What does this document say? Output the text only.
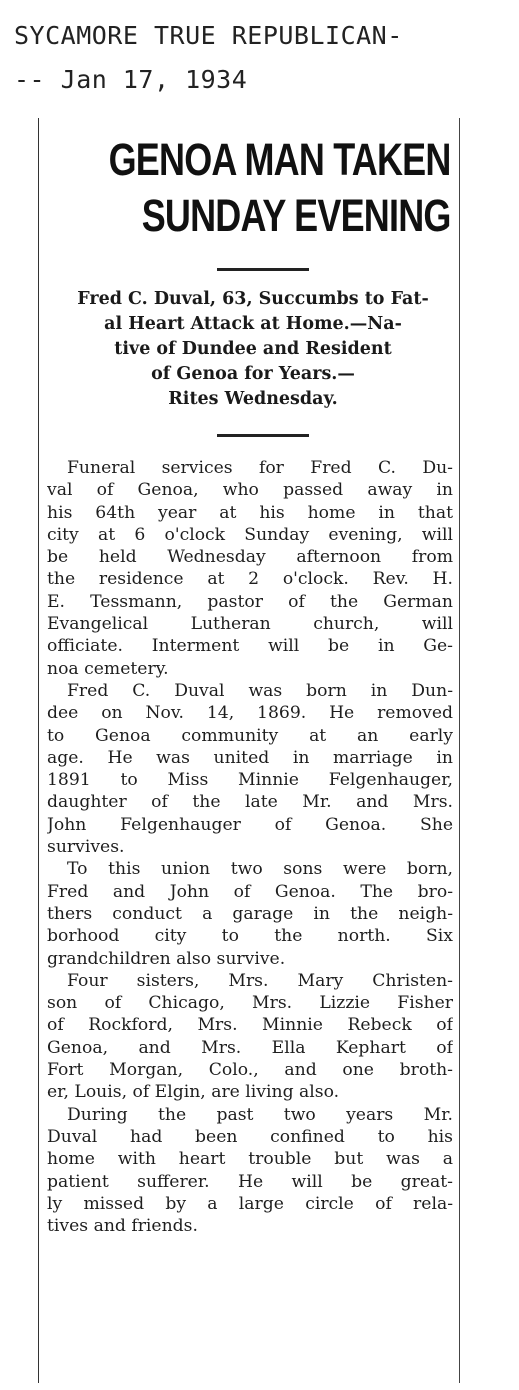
SYCAMORE TRUE REPUBLICAN-
-- Jan 17, 1934
GENOA MAN TAKEN
SUNDAY EVENING
Fred C. Duval, 63, Succumbs to Fat-
al Heart Attack at Home.—Na-
tive of Dundee and Resident
of Genoa for Years.—
Rites Wednesday.
Funeral services for Fred C. Du-
val of Genoa, who passed away in
his 64th year at his home in that
city at 6 o'clock Sunday evening, will
be held Wednesday afternoon from
the residence at 2 o'clock. Rev. H.
E. Tessmann, pastor of the German
Evangelical Lutheran church, will
officiate. Interment will be in Ge-
noa cemetery.
Fred C. Duval was born in Dun-
dee on Nov. 14, 1869. He removed
to Genoa community at an early
age. He was united in marriage in
1891 to Miss Minnie Felgenhauger,
daughter of the late Mr. and Mrs.
John Felgenhauger of Genoa. She
survives.
To this union two sons were born,
Fred and John of Genoa. The bro-
thers conduct a garage in the neigh-
borhood city to the north. Six
grandchildren also survive.
Four sisters, Mrs. Mary Christen-
son of Chicago, Mrs. Lizzie Fisher
of Rockford, Mrs. Minnie Rebeck of
Genoa, and Mrs. Ella Kephart of
Fort Morgan, Colo., and one broth-
er, Louis, of Elgin, are living also.
During the past two years Mr.
Duval had been confined to his
home with heart trouble but was a
patient sufferer. He will be great-
ly missed by a large circle of rela-
tives and friends.
